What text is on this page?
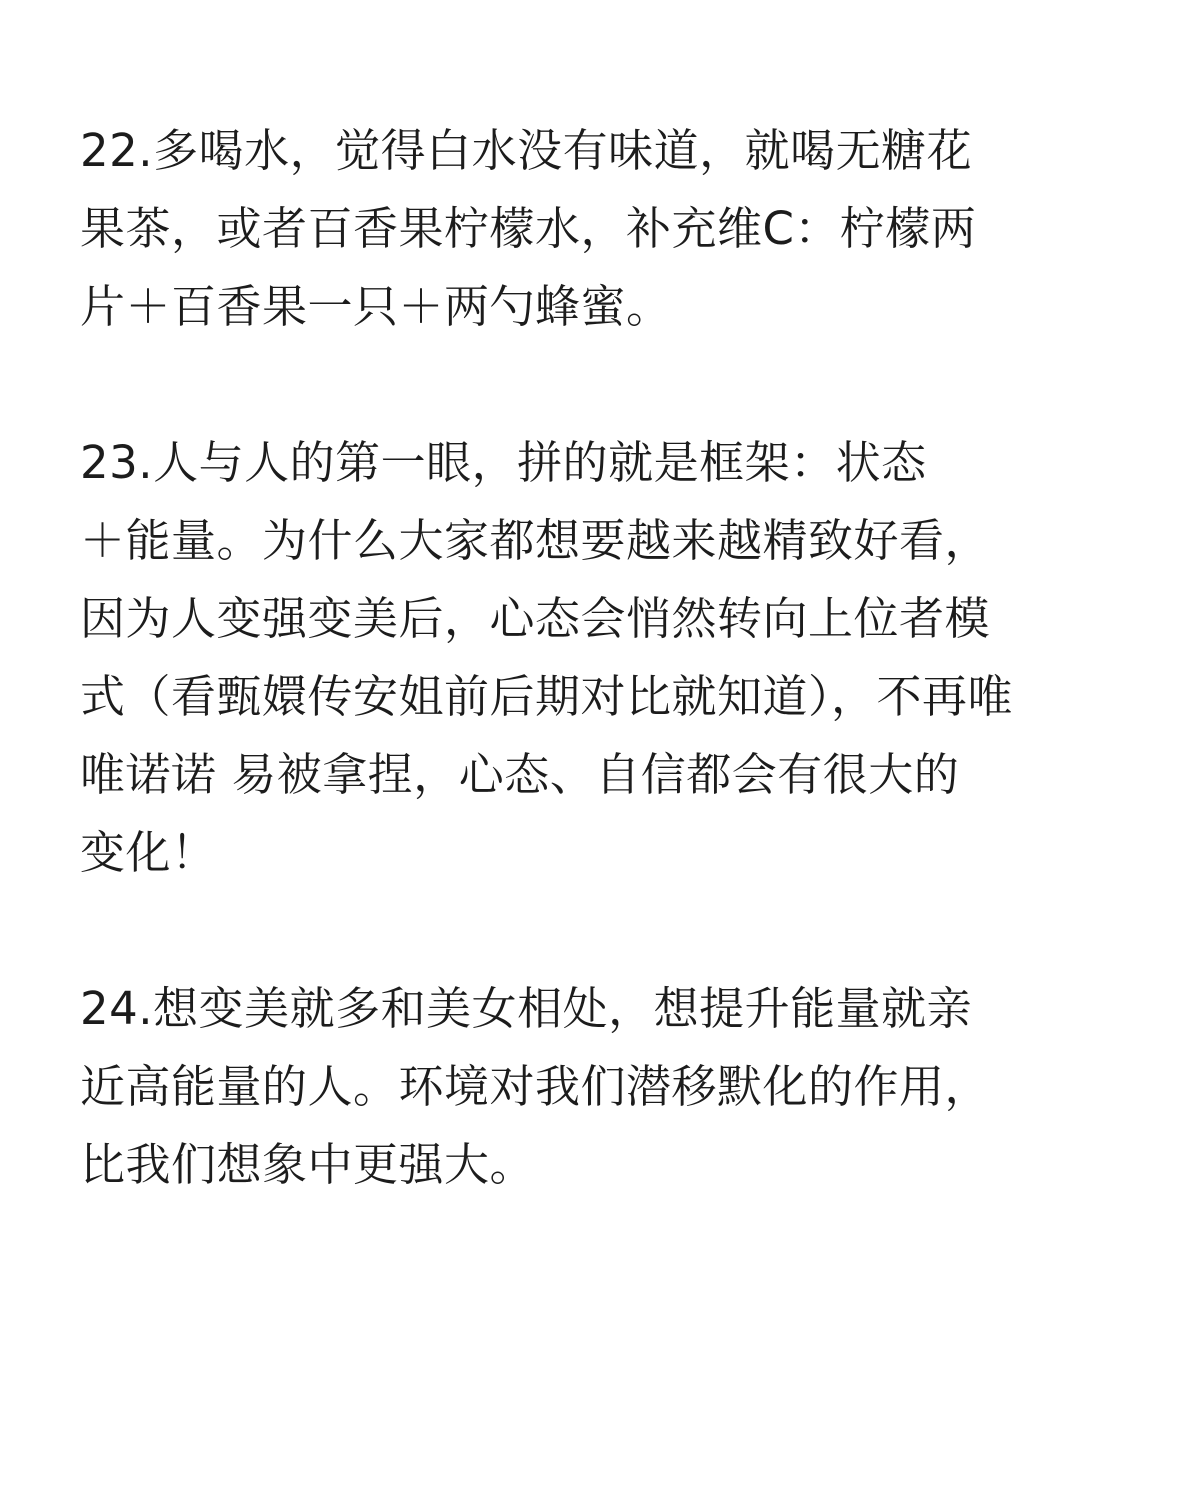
22.多喝水，觉得白水没有味道，就喝无糖花
果茶，或者百香果柠檬水，补充维C：柠檬两
片＋百香果一只＋两勺蜂蜜。

23.人与人的第一眼，拼的就是框架：状态
＋能量。为什么大家都想要越来越精致好看，
因为人变强变美后，心态会悄然转向上位者模
式（看甄嬛传安姐前后期对比就知道），不再唯
唯诺诺 易被拿捏，心态、自信都会有很大的
变化！

24.想变美就多和美女相处，想提升能量就亲
近高能量的人。环境对我们潜移默化的作用，
比我们想象中更强大。
